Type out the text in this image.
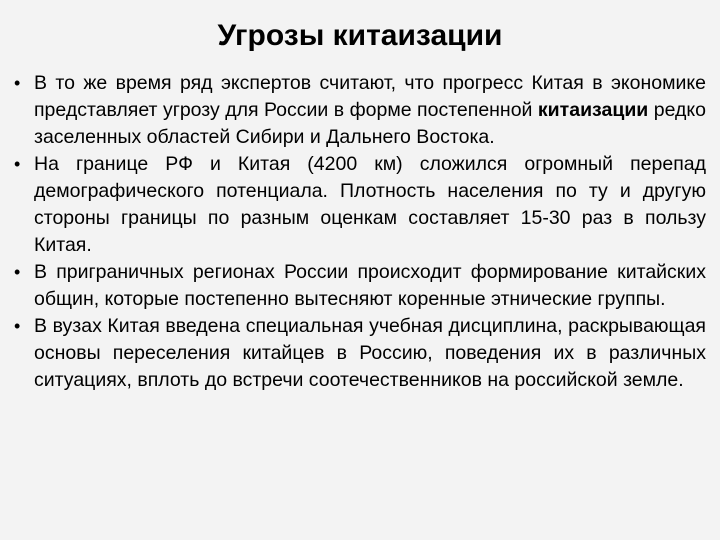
Угрозы китаизации
• В то же время ряд экспертов считают, что прогресс Китая в экономике представляет угрозу для России в форме постепенной китаизации редко заселенных областей Сибири и Дальнего Востока.
• На границе РФ и Китая (4200 км) сложился огромный перепад демографического потенциала. Плотность населения по ту и другую стороны границы по разным оценкам составляет 15-30 раз в пользу Китая.
• В приграничных регионах России происходит формирование китайских общин, которые постепенно вытесняют коренные этнические группы.
• В вузах Китая введена специальная учебная дисциплина, раскрывающая основы переселения китайцев в Россию, поведения их в различных ситуациях, вплоть до встречи соотечественников на российской земле.
